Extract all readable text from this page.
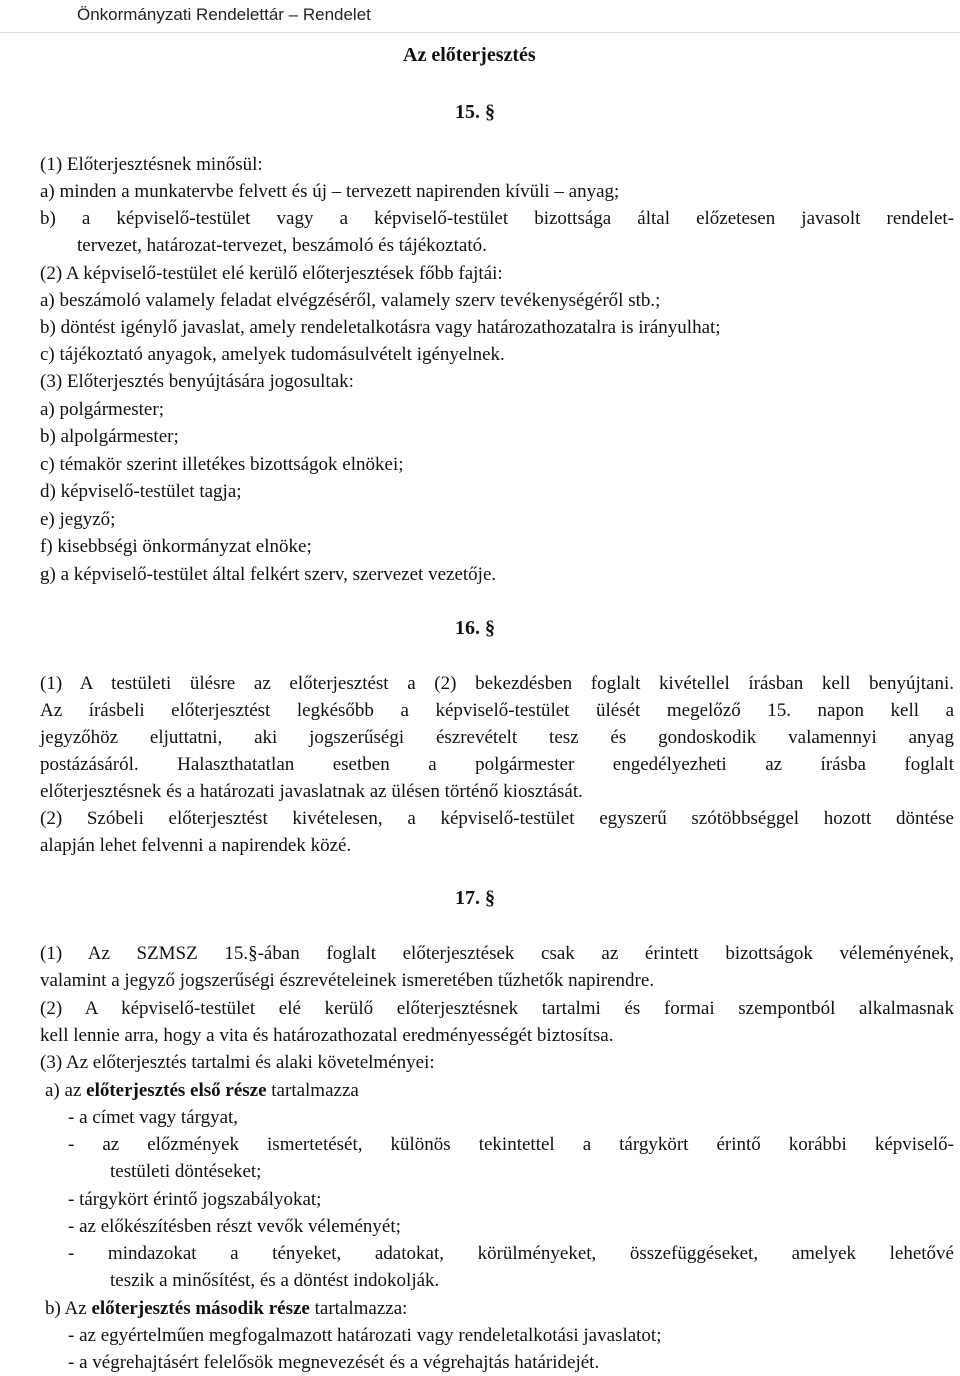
Önkormányzati Rendelettár – Rendelet
Az előterjesztés
15. §
(1) Előterjesztésnek minősül:
a) minden a munkatervbe felvett és új – tervezett napirenden kívüli – anyag;
b) a képviselő-testület vagy a képviselő-testület bizottsága által előzetesen javasolt rendelet-
tervezet, határozat-tervezet, beszámoló és tájékoztató.
(2) A képviselő-testület elé kerülő előterjesztések főbb fajtái:
a) beszámoló valamely feladat elvégzéséről, valamely szerv tevékenységéről stb.;
b) döntést igénylő javaslat, amely rendeletalkotásra vagy határozathozatalra is irányulhat;
c) tájékoztató anyagok, amelyek tudomásulvételt igényelnek.
(3) Előterjesztés benyújtására jogosultak:
a) polgármester;
b) alpolgármester;
c) témakör szerint illetékes bizottságok elnökei;
d) képviselő-testület tagja;
e) jegyző;
f) kisebbségi önkormányzat elnöke;
g) a képviselő-testület által felkért szerv, szervezet vezetője.
16. §
(1) A testületi ülésre az előterjesztést a (2) bekezdésben foglalt kivétellel írásban kell benyújtani.
Az írásbeli előterjesztést legkésőbb a képviselő-testület ülését megelőző 15. napon kell a
jegyzőhöz eljuttatni, aki jogszerűségi észrevételt tesz és gondoskodik valamennyi anyag
postázásáról. Halaszthatatlan esetben a polgármester engedélyezheti az írásba foglalt
előterjesztésnek és a határozati javaslatnak az ülésen történő kiosztását.
(2) Szóbeli előterjesztést kivételesen, a képviselő-testület egyszerű szótöbbséggel hozott döntése
alapján lehet felvenni a napirendek közé.
17. §
(1) Az SZMSZ 15.§-ában foglalt előterjesztések csak az érintett bizottságok véleményének,
valamint a jegyző jogszerűségi észrevételeinek ismeretében tűzhetők napirendre.
(2) A képviselő-testület elé kerülő előterjesztésnek tartalmi és formai szempontból alkalmasnak
kell lennie arra, hogy a vita és határozathozatal eredményességét biztosítsa.
(3) Az előterjesztés tartalmi és alaki követelményei:
a) az előterjesztés első része tartalmazza
- a címet vagy tárgyat,
- az előzmények ismertetését, különös tekintettel a tárgykört érintő korábbi képviselő-
testületi döntéseket;
- tárgykört érintő jogszabályokat;
- az előkészítésben részt vevők véleményét;
- mindazokat a tényeket, adatokat, körülményeket, összefüggéseket, amelyek lehetővé
teszik a minősítést, és a döntést indokolják.
b) Az előterjesztés második része tartalmazza:
- az egyértelműen megfogalmazott határozati vagy rendeletalkotási javaslatot;
- a végrehajtásért felelősök megnevezését és a végrehajtás határidejét.
